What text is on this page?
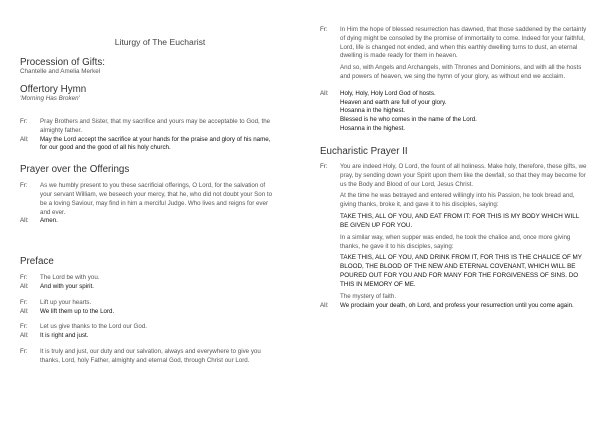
Liturgy of The Eucharist
Procession of Gifts:
Chantelle and Amelia Merkel
Offertory Hymn
'Morning Has Broken'
Fr:	Pray Brothers and Sister, that my sacrifice and yours may be acceptable to God, the almighty father.
All:	May the Lord accept the sacrifice at your hands for the praise and glory of his name, for our good and the good of all his holy church.
Prayer over the Offerings
Fr:	As we humbly present to you these sacrificial offerings, O Lord, for the salvation of your servant William, we beseech your mercy, that he, who did not doubt your Son to be a loving Saviour, may find in him a merciful Judge. Who lives and reigns for ever and ever.
All:	Amen.
Preface
Fr:	The Lord be with you.
All:	And with your spirit.
Fr:	Lift up your hearts.
All:	We lift them up to the Lord.
Fr:	Let us give thanks to the Lord our God.
All:	It is right and just.
Fr:	It is truly and just, our duty and our salvation, always and everywhere to give you thanks, Lord, holy Father, almighty and eternal God, through Christ our Lord.
Fr:	In Him the hope of blessed resurrection has dawned, that those saddened by the certainty of dying might be consoled by the promise of immortality to come. Indeed for your faithful, Lord, life is changed not ended, and when this earthly dwelling turns to dust, an eternal dwelling is made ready for them in heaven.
And so, with Angels and Archangels, with Thrones and Dominions, and with all the hosts and powers of heaven, we sing the hymn of your glory, as without end we acclaim.
All:	Holy, Holy, Holy Lord God of hosts.
Heaven and earth are full of your glory.
Hosanna in the highest.
Blessed is he who comes in the name of the Lord.
Hosanna in the highest.
Eucharistic Prayer II
Fr:	You are indeed Holy, O Lord, the fount of all holiness. Make holy, therefore, these gifts, we pray, by sending down your Spirit upon them like the dewfall, so that they may become for us the Body and Blood of our Lord, Jesus Christ.
At the time he was betrayed and entered willingly into his Passion, he took bread and, giving thanks, broke it, and gave it to his disciples, saying:
TAKE THIS, ALL OF YOU, AND EAT FROM IT: FOR THIS IS MY BODY WHICH WILL BE GIVEN UP FOR YOU.
In a similar way, when supper was ended, he took the chalice and, once more giving thanks, he gave it to his disciples, saying:
TAKE THIS, ALL OF YOU, AND DRINK FROM IT, FOR THIS IS THE CHALICE OF MY BLOOD, THE BLOOD OF THE NEW AND ETERNAL COVENANT, WHICH WILL BE POURED OUT FOR YOU AND FOR MANY FOR THE FORGIVENESS OF SINS. DO THIS IN MEMORY OF ME.
The mystery of faith.
All:	We proclaim your death, oh Lord, and profess your resurrection until you come again.
